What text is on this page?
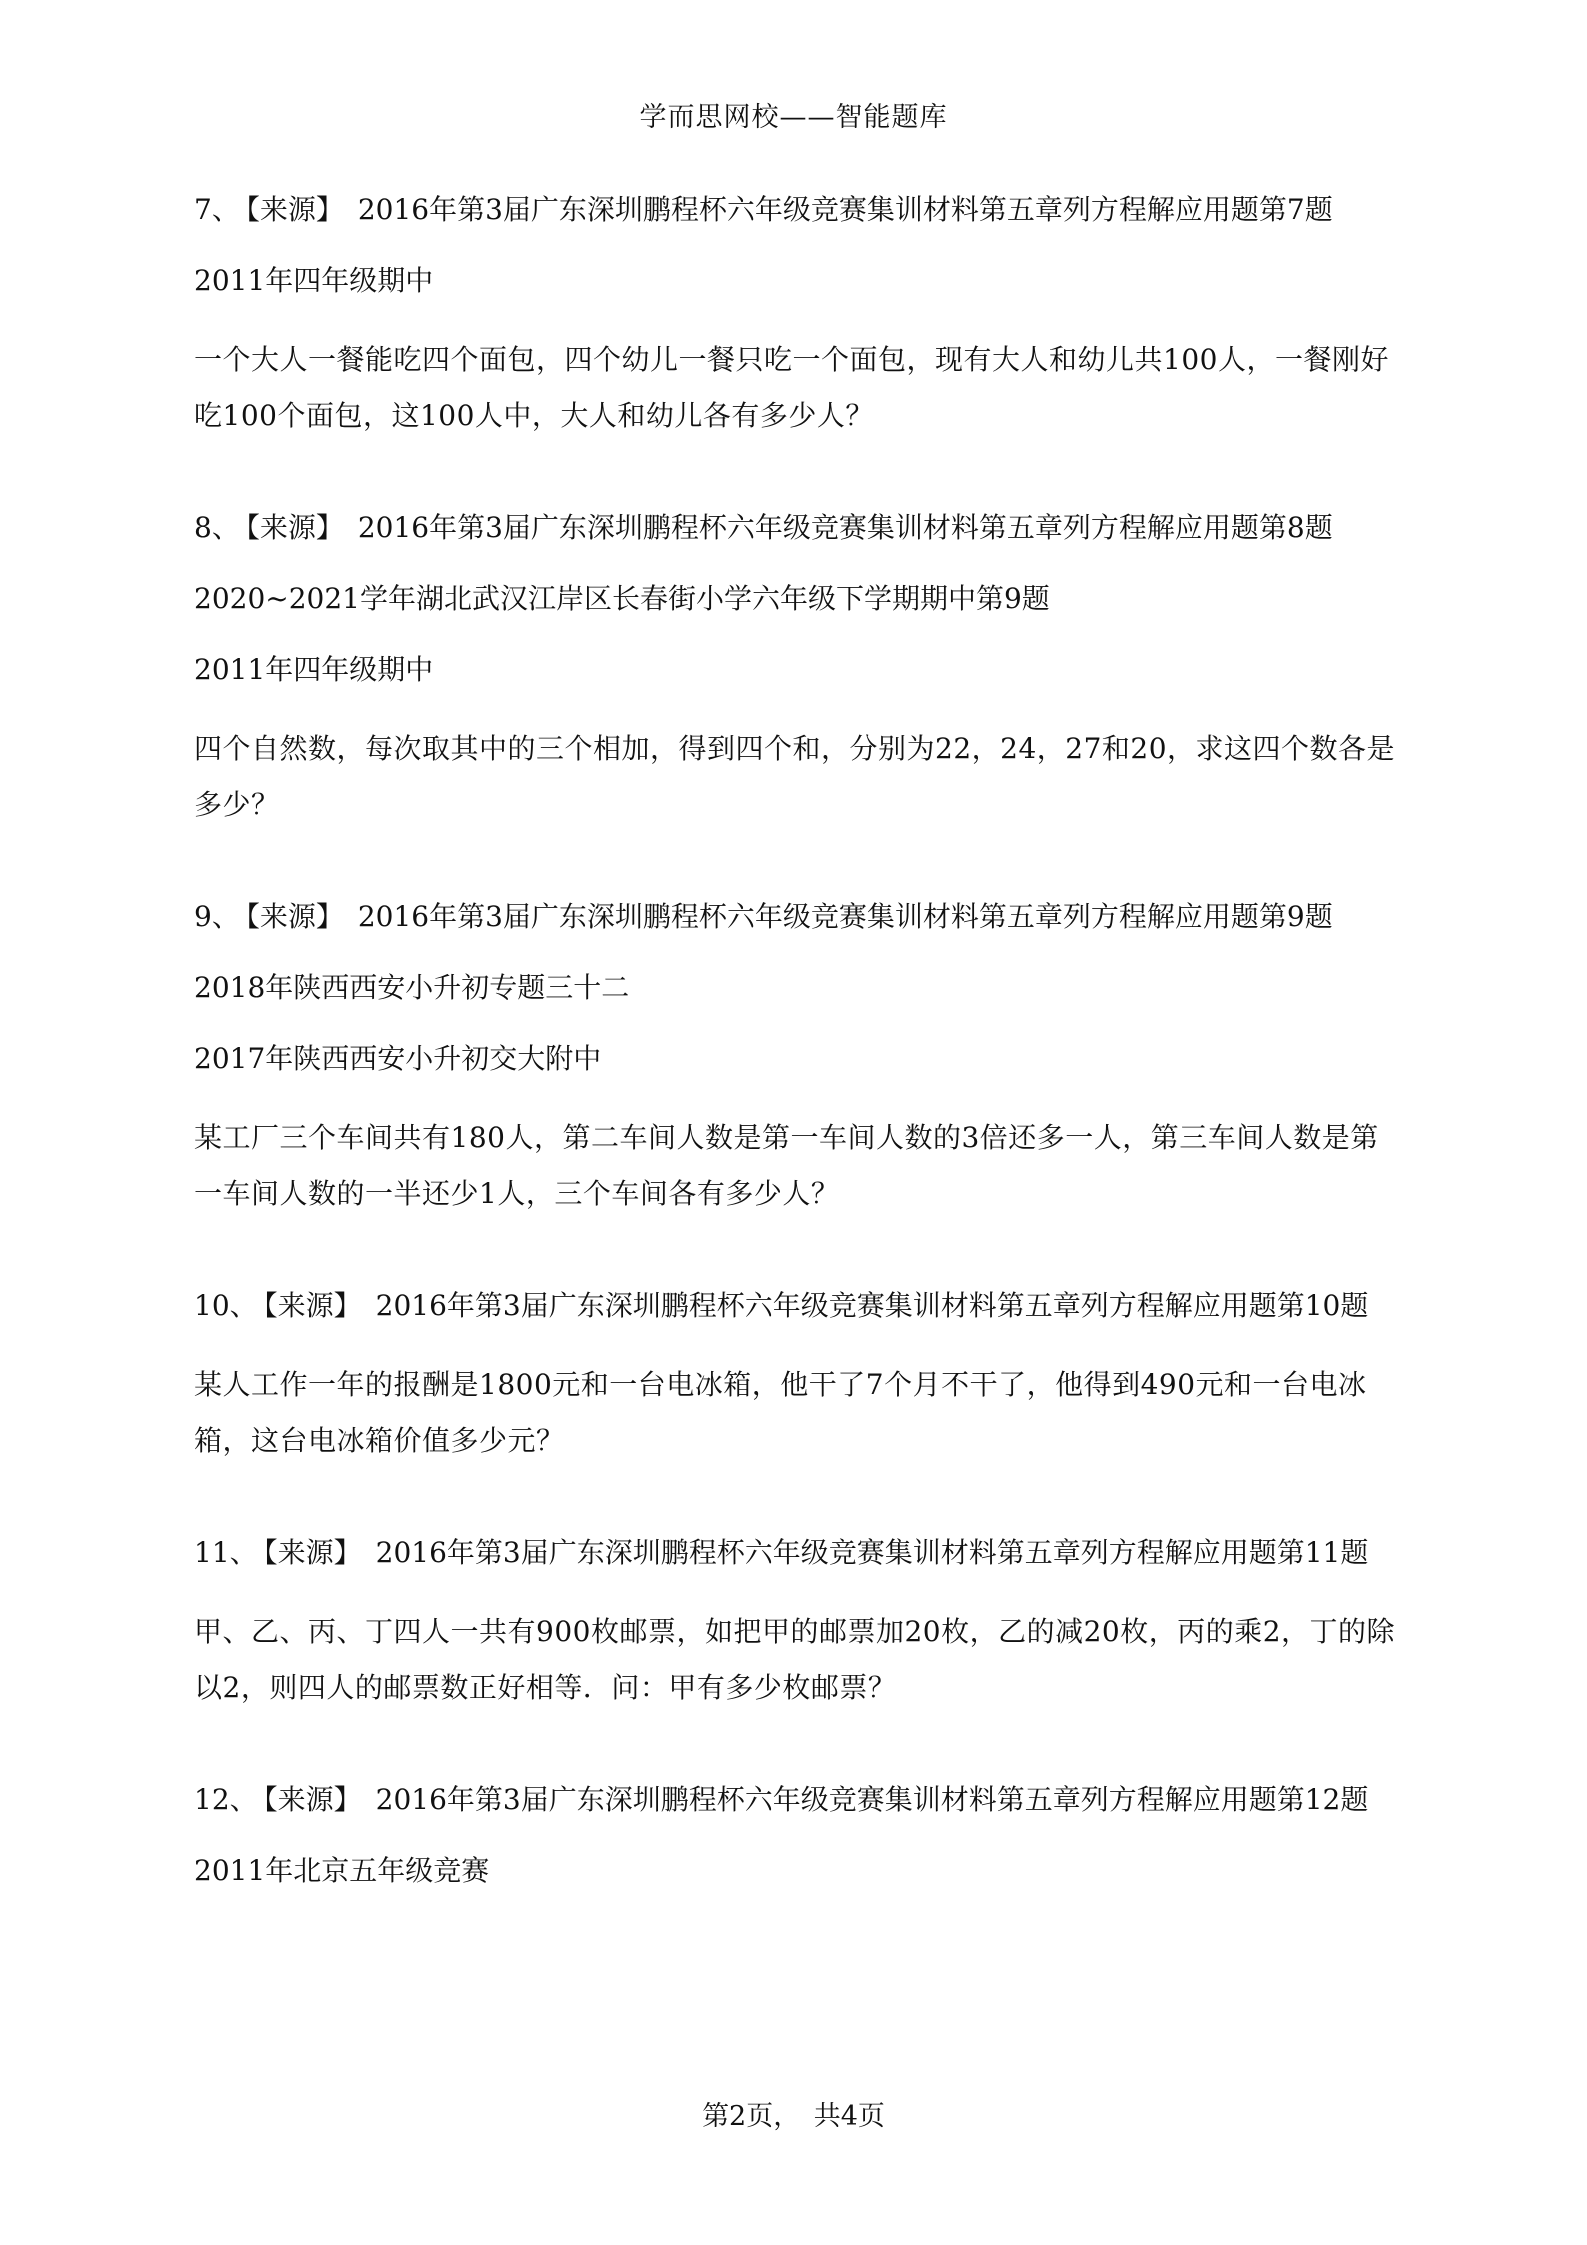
学而思网校——智能题库

7、 【来源】 2016年第3届广东深圳鹏程杯六年级竞赛集训材料第五章列方程解应用题第7题

2011年四年级期中

一个大人一餐能吃四个面包，四个幼儿一餐只吃一个面包，现有大人和幼儿共100人，一餐刚好吃100个面包，这100人中，大人和幼儿各有多少人？

8、 【来源】 2016年第3届广东深圳鹏程杯六年级竞赛集训材料第五章列方程解应用题第8题

2020~2021学年湖北武汉江岸区长春街小学六年级下学期期中第9题

2011年四年级期中

四个自然数，每次取其中的三个相加，得到四个和，分别为22，24，27和20，求这四个数各是多少？

9、 【来源】 2016年第3届广东深圳鹏程杯六年级竞赛集训材料第五章列方程解应用题第9题

2018年陕西西安小升初专题三十二

2017年陕西西安小升初交大附中

某工厂三个车间共有180人，第二车间人数是第一车间人数的3倍还多一人，第三车间人数是第一车间人数的一半还少1人，三个车间各有多少人？

10、 【来源】 2016年第3届广东深圳鹏程杯六年级竞赛集训材料第五章列方程解应用题第10题

某人工作一年的报酬是1800元和一台电冰箱，他干了7个月不干了，他得到490元和一台电冰箱，这台电冰箱价值多少元？

11、 【来源】 2016年第3届广东深圳鹏程杯六年级竞赛集训材料第五章列方程解应用题第11题

甲、乙、丙、丁四人一共有900枚邮票，如把甲的邮票加20枚，乙的减20枚，丙的乘2，丁的除以2，则四人的邮票数正好相等．问：甲有多少枚邮票？

12、 【来源】 2016年第3届广东深圳鹏程杯六年级竞赛集训材料第五章列方程解应用题第12题

2011年北京五年级竞赛

第2页，　共4页
